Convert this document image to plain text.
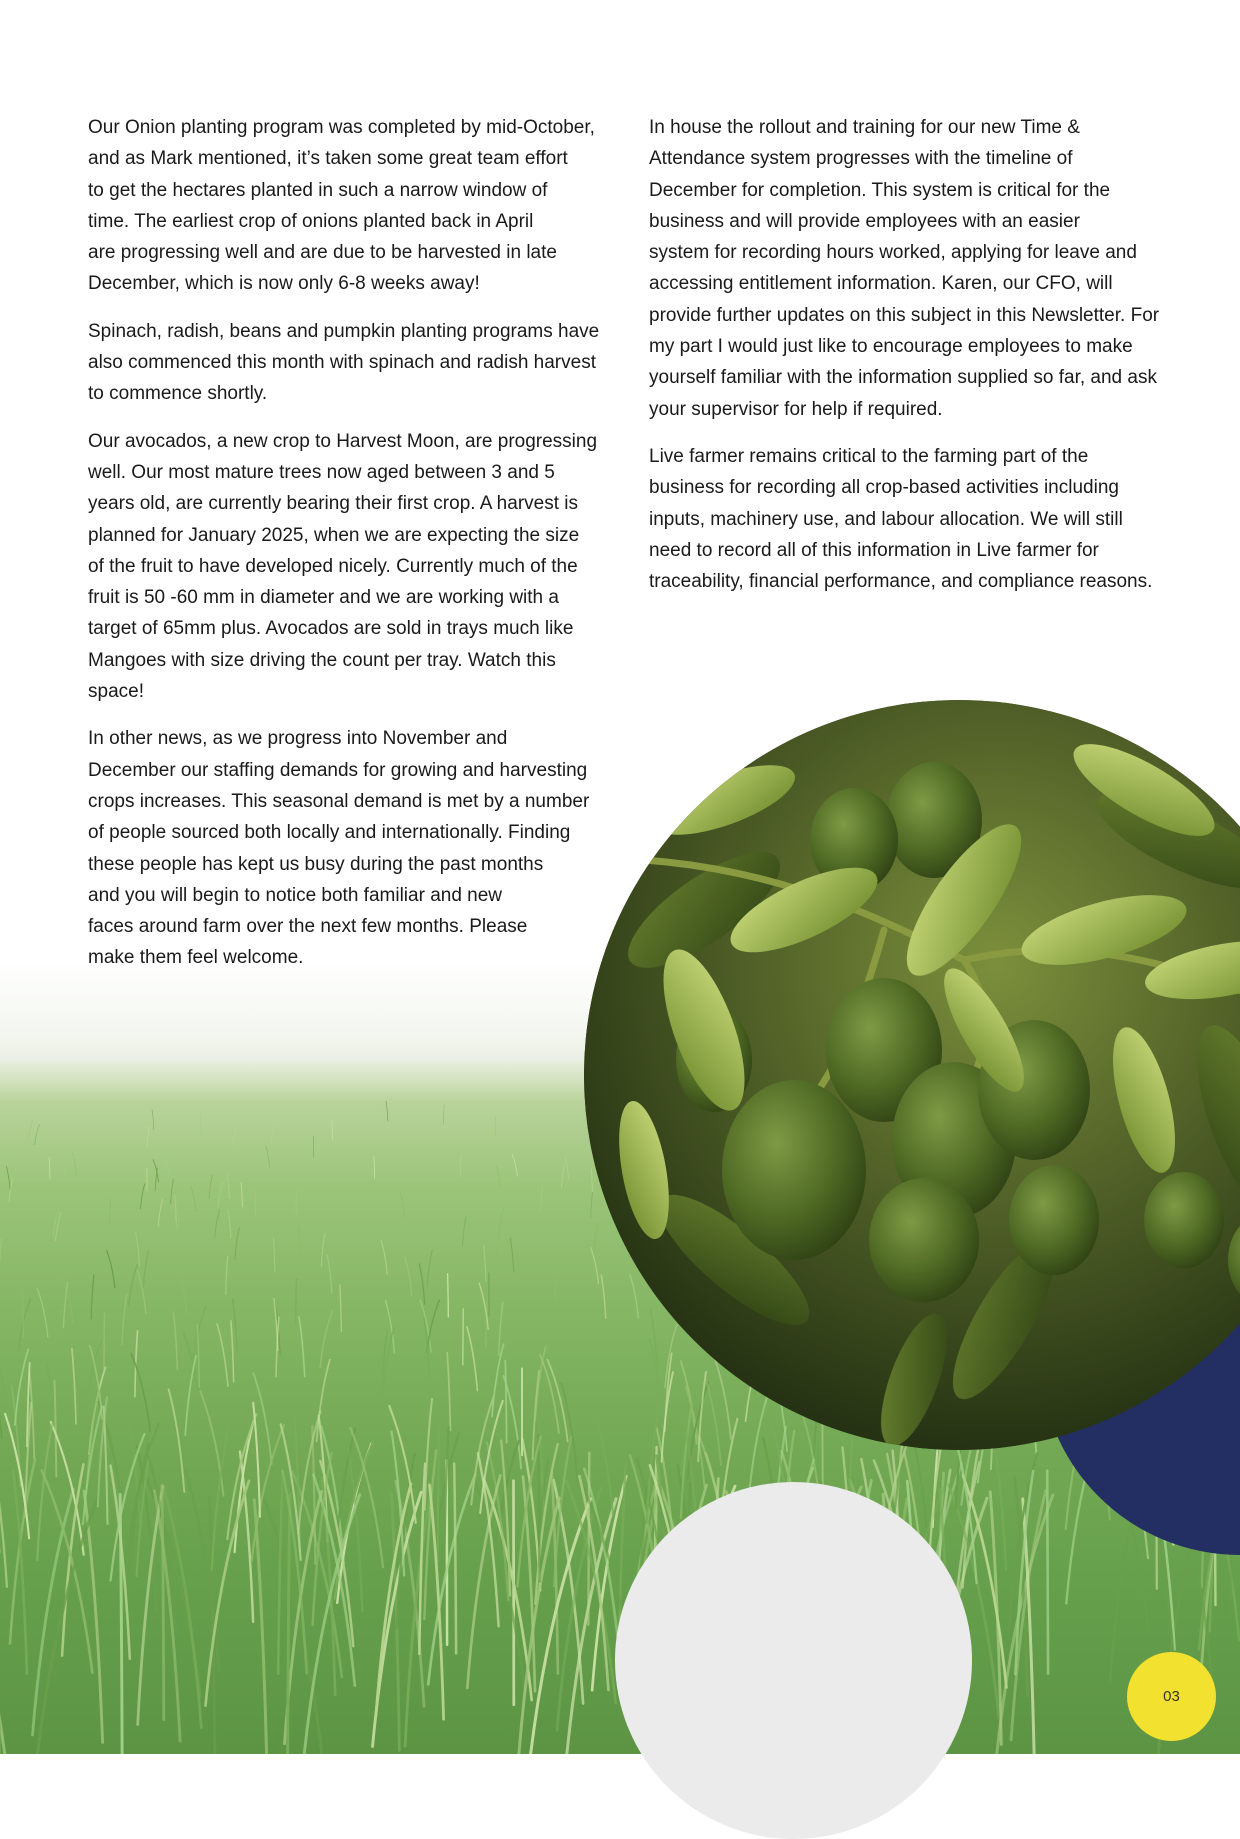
Our Onion planting program was completed by mid-October,
and as Mark mentioned, it’s taken some great team effort
to get the hectares planted in such a narrow window of
time. The earliest crop of onions planted back in April
are progressing well and are due to be harvested in late
December, which is now only 6-8 weeks away!

Spinach, radish, beans and pumpkin planting programs have
also commenced this month with spinach and radish harvest
to commence shortly.

Our avocados, a new crop to Harvest Moon, are progressing
well. Our most mature trees now aged between 3 and 5
years old, are currently bearing their first crop. A harvest is
planned for January 2025, when we are expecting the size
of the fruit to have developed nicely. Currently much of the
fruit is 50 -60 mm in diameter and we are working with a
target of 65mm plus. Avocados are sold in trays much like
Mangoes with size driving the count per tray. Watch this
space!

In other news, as we progress into November and
December our staffing demands for growing and harvesting
crops increases. This seasonal demand is met by a number
of people sourced both locally and internationally. Finding
these people has kept us busy during the past months
and you will begin to notice both familiar and new
faces around farm over the next few months. Please
make them feel welcome.

In house the rollout and training for our new Time &
Attendance system progresses with the timeline of
December for completion. This system is critical for the
business and will provide employees with an easier
system for recording hours worked, applying for leave and
accessing entitlement information. Karen, our CFO, will
provide further updates on this subject in this Newsletter. For
my part I would just like to encourage employees to make
yourself familiar with the information supplied so far, and ask
your supervisor for help if required.

Live farmer remains critical to the farming part of the
business for recording all crop-based activities including
inputs, machinery use, and labour allocation. We will still
need to record all of this information in Live farmer for
traceability, financial performance, and compliance reasons.

03
